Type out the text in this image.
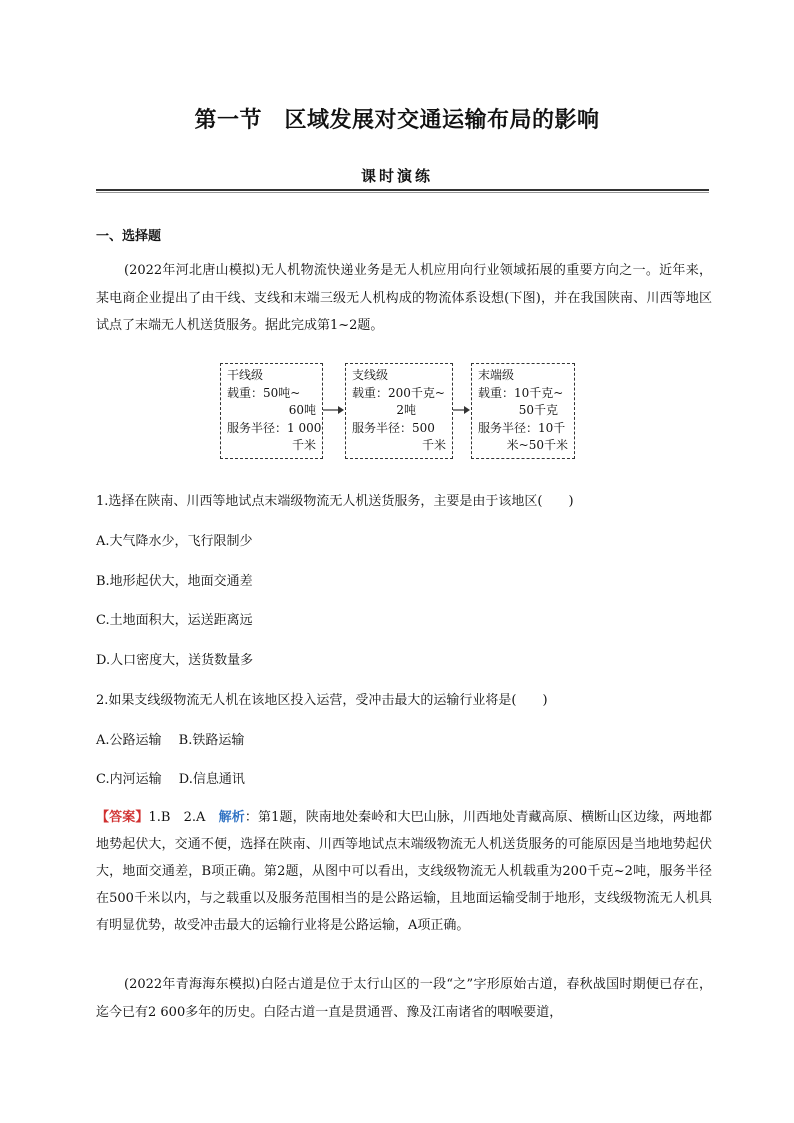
第一节　区域发展对交通运输布局的影响
课时演练
一、选择题
(2022年河北唐山模拟)无人机物流快递业务是无人机应用向行业领域拓展的重要方向之一。近年来，某电商企业提出了由干线、支线和末端三级无人机构成的物流体系设想(下图)，并在我国陕南、川西等地区试点了末端无人机送货服务。据此完成第1~2题。
干线级
载重：50吨~
60吨
服务半径：1 000
千米
支线级
载重：200千克~
2吨
服务半径：500
千米
末端级
载重：10千克~
50千克
服务半径：10千
米~50千米
1.选择在陕南、川西等地试点末端级物流无人机送货服务，主要是由于该地区(　　)
A.大气降水少，飞行限制少
B.地形起伏大，地面交通差
C.土地面积大，运送距离远
D.人口密度大，送货数量多
2.如果支线级物流无人机在该地区投入运营，受冲击最大的运输行业将是(　　)
A.公路运输　 B.铁路运输
C.内河运输　 D.信息通讯
【答案】1.B　2.A　解析：第1题，陕南地处秦岭和大巴山脉，川西地处青藏高原、横断山区边缘，两地都地势起伏大，交通不便，选择在陕南、川西等地试点末端级物流无人机送货服务的可能原因是当地地势起伏大，地面交通差，B项正确。第2题，从图中可以看出，支线级物流无人机载重为200千克~2吨，服务半径在500千米以内，与之载重以及服务范围相当的是公路运输，且地面运输受制于地形，支线级物流无人机具有明显优势，故受冲击最大的运输行业将是公路运输，A项正确。
(2022年青海海东模拟)白陉古道是位于太行山区的一段“之”字形原始古道，春秋战国时期便已存在，迄今已有2 600多年的历史。白陉古道一直是贯通晋、豫及江南诸省的咽喉要道，
